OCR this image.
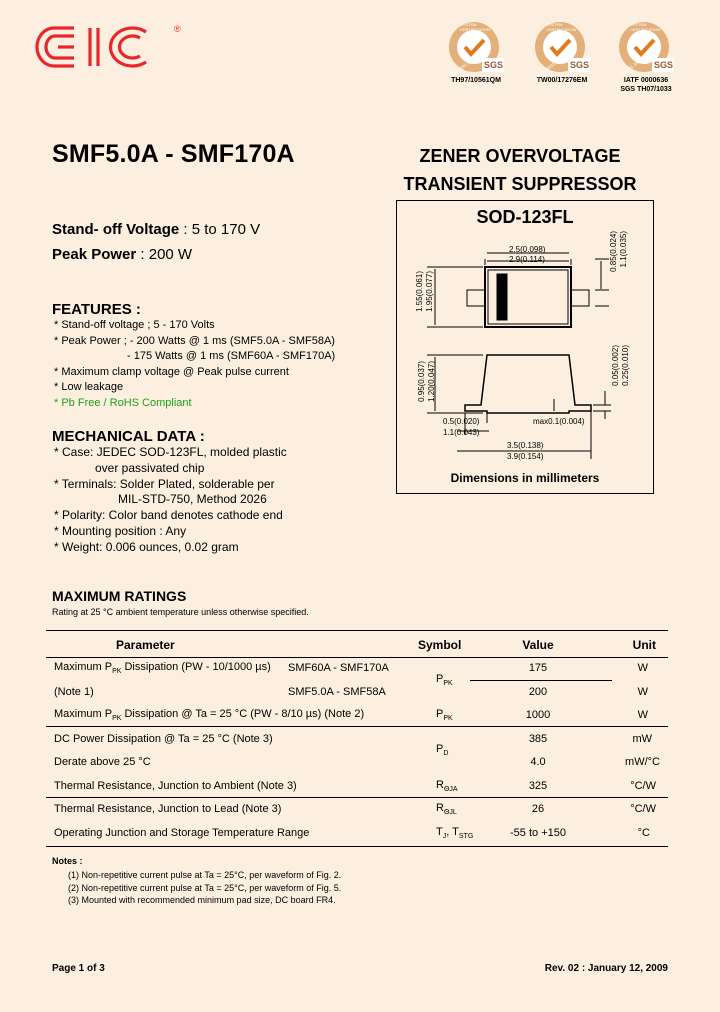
®
SGS
SYSTEM CERTIFICATION
ISO 9001:2000
TH97/10561QM
SGS
SYSTEM CERTIFICATION
ISO 14001:2004
TW00/17276EM
SGS
SYSTEM CERTIFICATION
ISO/TS 16949
IATF 0000636
SGS TH07/1033
SMF5.0A - SMF170A	ZENER OVERVOLTAGE
TRANSIENT SUPPRESSOR
SOD-123FL
2.5(0.098)
2.9(0.114)	0.85(0.024) 1.1(0.035)
1.55(0.061) 1.95(0.077)
0.95(0.037) 1.20(0.047)	0.05(0.002) 0.25(0.010)
0.5(0.020)
1.1(0.043)
max0.1(0.004)
3.5(0.138)
3.9(0.154)
Dimensions in millimeters
Stand- off Voltage : 5 to 170 V
Peak Power : 200 W
FEATURES :
* Stand-off voltage ; 5 - 170 Volts
* Peak Power ; - 200 Watts @ 1 ms (SMF5.0A - SMF58A)
- 175 Watts @ 1 ms (SMF60A - SMF170A)
* Maximum clamp voltage @ Peak pulse current
* Low leakage
* Pb Free / RoHS Compliant
MECHANICAL DATA :
* Case: JEDEC SOD-123FL, molded plastic
over passivated chip
* Terminals: Solder Plated, solderable per
MIL-STD-750, Method 2026
* Polarity: Color band denotes cathode end
* Mounting position : Any
* Weight: 0.006 ounces, 0.02 gram
MAXIMUM RATINGS
Rating at 25 °C ambient temperature unless otherwise specified.
Parameter		Symbol	Value	Unit
Maximum $P_{PK}$ Dissipation (PW - 10/1000 µs)	SMF60A - SMF170A	$P_{PK}$	175	W
(Note 1)	SMF5.0A - SMF58A		200	W
Maximum $P_{PK}$ Dissipation @ Ta = 25 °C (PW - 8/10 µs) (Note 2)		$P_{PK}$	1000	W
DC Power Dissipation @ Ta = 25 °C (Note 3)		$P_D$	385	mW
Derate above 25 °C			4.0	mW/°C
Thermal Resistance, Junction to Ambient (Note 3)		$R_{\Theta JA}$	325	°C/W
Thermal Resistance, Junction to Lead (Note 3)		$R_{\Theta JL}$	26	°C/W
Operating Junction and Storage Temperature Range		$T_J$, $T_{STG}$	-55 to +150	°C
Notes :
(1) Non-repetitive current pulse at Ta = 25°C, per waveform of Fig. 2.
(2) Non-repetitive current pulse at Ta = 25°C, per waveform of Fig. 5.
(3) Mounted with recommended minimum pad size, DC board FR4.
Page 1 of 3	Rev. 02 : January 12, 2009
